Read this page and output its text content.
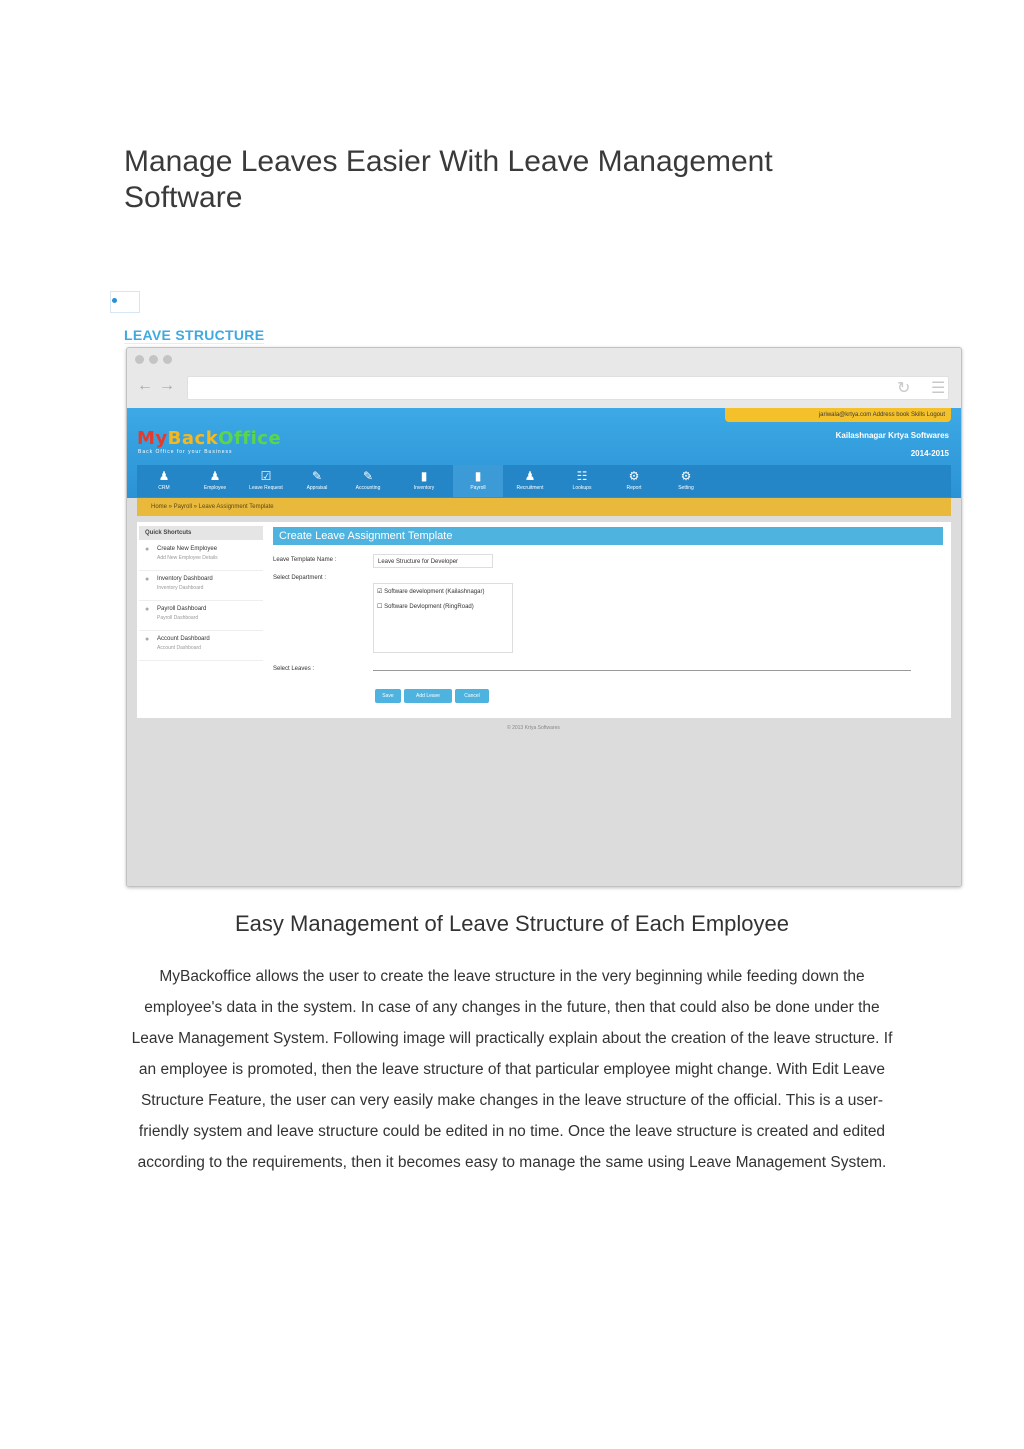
Manage Leaves Easier With Leave Management Software
LEAVE STRUCTURE
← →	↻ ☰
jariwala@krtya.com Address book Skills Logout
Kailashnagar Krtya Softwares
2014-2015
MyBackOffice
Back Office for your Business
♟
CRM
♟
Employee
☑
Leave Request
✎
Appraisal
✎
Accounting
▮
Inventory
▮
Payroll
♟
Recruitment
☷
Lookups
⚙
Report
⚙
Setting
Home » Payroll » Leave Assignment Template
Quick Shortcuts
● Create New Employee
Add New Employee Details
● Inventory Dashboard
Inventory Dashboard
● Payroll Dashboard
Payroll Dashboard
● Account Dashboard
Account Dashboard
Create Leave Assignment Template
Leave Template Name :	Leave Structure for Developer
Select Department :
☑ Software development (Kailashnagar)
☐ Software Devlopment (RingRoad)
Select Leaves :
Save	Add Leave	Cancel
© 2013 Krtya Softwares
Easy Management of Leave Structure of Each Employee

MyBackoffice allows the user to create the leave structure in the very beginning while feeding down the employee's data in the system. In case of any changes in the future, then that could also be done under the Leave Management System. Following image will practically explain about the creation of the leave structure. If an employee is promoted, then the leave structure of that particular employee might change. With Edit Leave Structure Feature, the user can very easily make changes in the leave structure of the official. This is a user-friendly system and leave structure could be edited in no time. Once the leave structure is created and edited according to the requirements, then it becomes easy to manage the same using Leave Management System.
